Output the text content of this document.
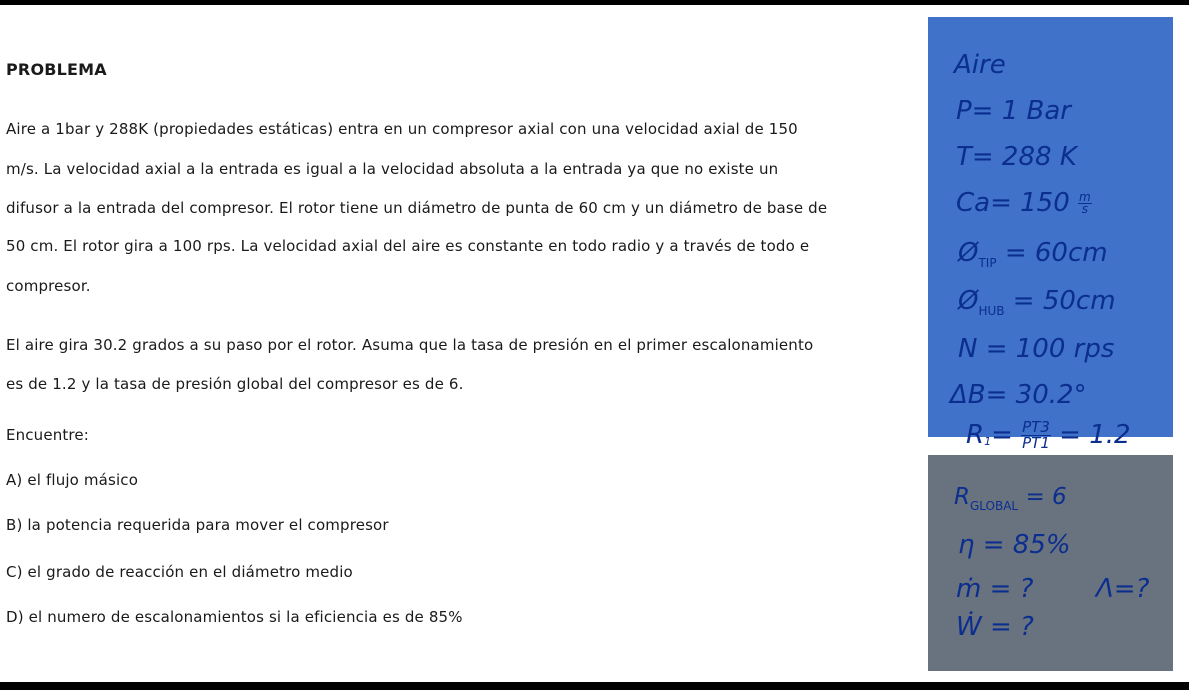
PROBLEMA
Aire a 1bar y 288K (propiedades estáticas) entra en un compresor axial con una velocidad axial de 150
m/s. La velocidad axial a la entrada es igual a la velocidad absoluta a la entrada ya que no existe un
difusor a la entrada del compresor. El rotor tiene un diámetro de punta de 60 cm y un diámetro de base de
50 cm. El rotor gira a 100 rps. La velocidad axial del aire es constante en todo radio y a través de todo e
compresor.
El aire gira 30.2 grados a su paso por el rotor. Asuma que la tasa de presión en el primer escalonamiento
es de 1.2 y la tasa de presión global del compresor es de 6.
Encuentre:
A) el flujo másico
B) la potencia requerida para mover el compresor
C) el grado de reacción en el diámetro medio
D) el numero de escalonamientos si la eficiencia es de 85%
Aire
P= 1 Bar
T= 288 K
$Ca= 150 \frac{m}{s}$
$Ø_{TIP} = 60cm$
$Ø_{HUB} = 50cm$
N = 100 rps
ΔB= 30.2°
$R1= \frac{PT3}{PT1} = 1.2$
$R_{GLOBAL} = 6$
η = 85%
ṁ = ? Λ=?
Ẇ = ?
